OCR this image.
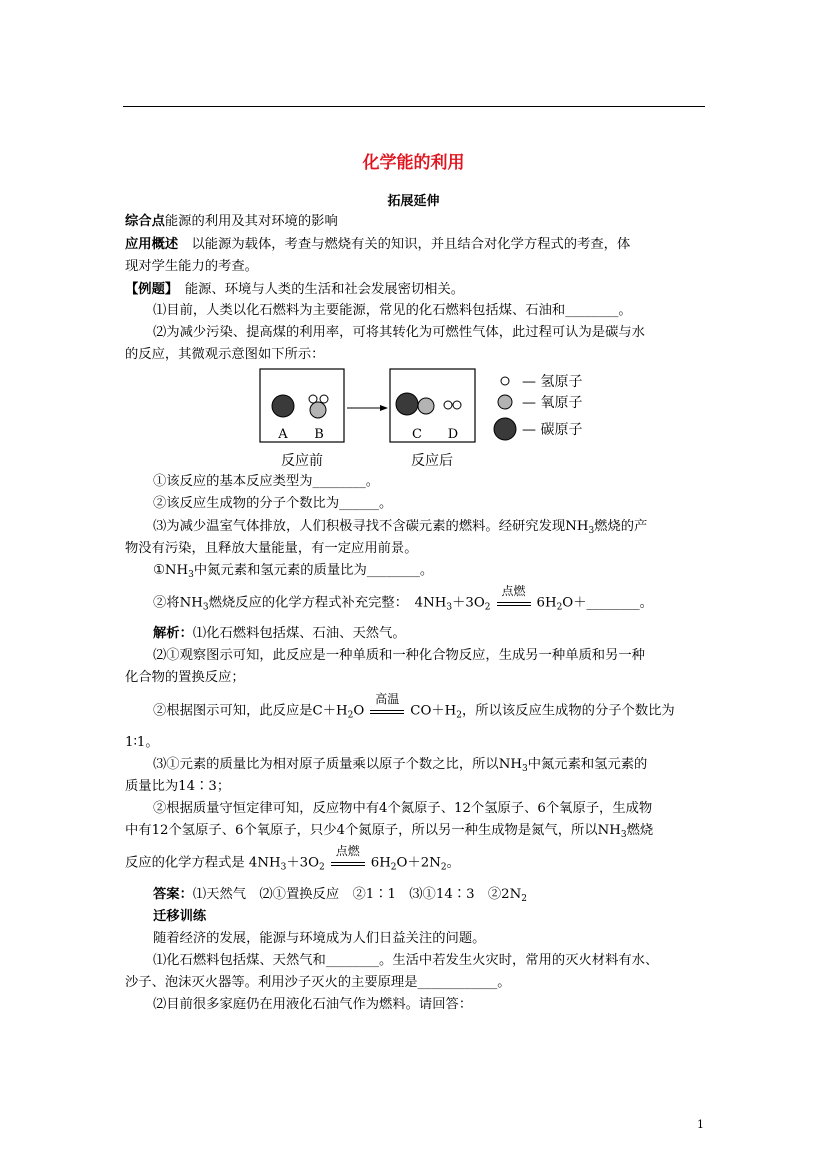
化学能的利用
拓展延伸
综合点能源的利用及其对环境的影响
应用概述　以能源为载体，考查与燃烧有关的知识，并且结合对化学方程式的考查，体
现对学生能力的考查。
【例题】　能源、环境与人类的生活和社会发展密切相关。
⑴目前，人类以化石燃料为主要能源，常见的化石燃料包括煤、石油和________。
⑵为减少污染、提高煤的利用率，可将其转化为可燃性气体，此过程可认为是碳与水
的反应，其微观示意图如下所示：
A B	C D
反应前	反应后
— 氢原子
— 氧原子
— 碳原子
①该反应的基本反应类型为________。
②该反应生成物的分子个数比为______。
⑶为减少温室气体排放，人们积极寻找不含碳元素的燃料。经研究发现$NH_3$燃烧的产
物没有污染，且释放大量能量，有一定应用前景。
$①NH_3$中氮元素和氢元素的质量比为________。
②将$NH_3$燃烧反应的化学方程式补充完整：　$4NH_3+3O_2$
点燃
$6H_2O+\_\_\_\_\_\_\_\_$。
解析：⑴化石燃料包括煤、石油、天然气。
⑵①观察图示可知，此反应是一种单质和一种化合物反应，生成另一种单质和另一种
化合物的置换反应；
②根据图示可知，此反应是$C+H_2O$
高温
$CO+H_2$，所以该反应生成物的分子个数比为
1∶1。
⑶①元素的质量比为相对原子质量乘以原子个数之比，所以$NH_3$中氮元素和氢元素的
质量比为14∶3；
②根据质量守恒定律可知，反应物中有4个氮原子、12个氢原子、6个氧原子，生成物
中有12个氢原子、6个氧原子，只少4个氮原子，所以另一种生成物是氮气，所以$NH_3$燃烧
反应的化学方程式是 $4NH_3+3O_2$
点燃
$6H_2O+2N_2$。
答案：⑴天然气　⑵①置换反应　②1∶1　⑶①14∶3　$②2N_2$
迁移训练
随着经济的发展，能源与环境成为人们日益关注的问题。
⑴化石燃料包括煤、天然气和________。生活中若发生火灾时，常用的灭火材料有水、
沙子、泡沫灭火器等。利用沙子灭火的主要原理是____________。
⑵目前很多家庭仍在用液化石油气作为燃料。请回答：
1
